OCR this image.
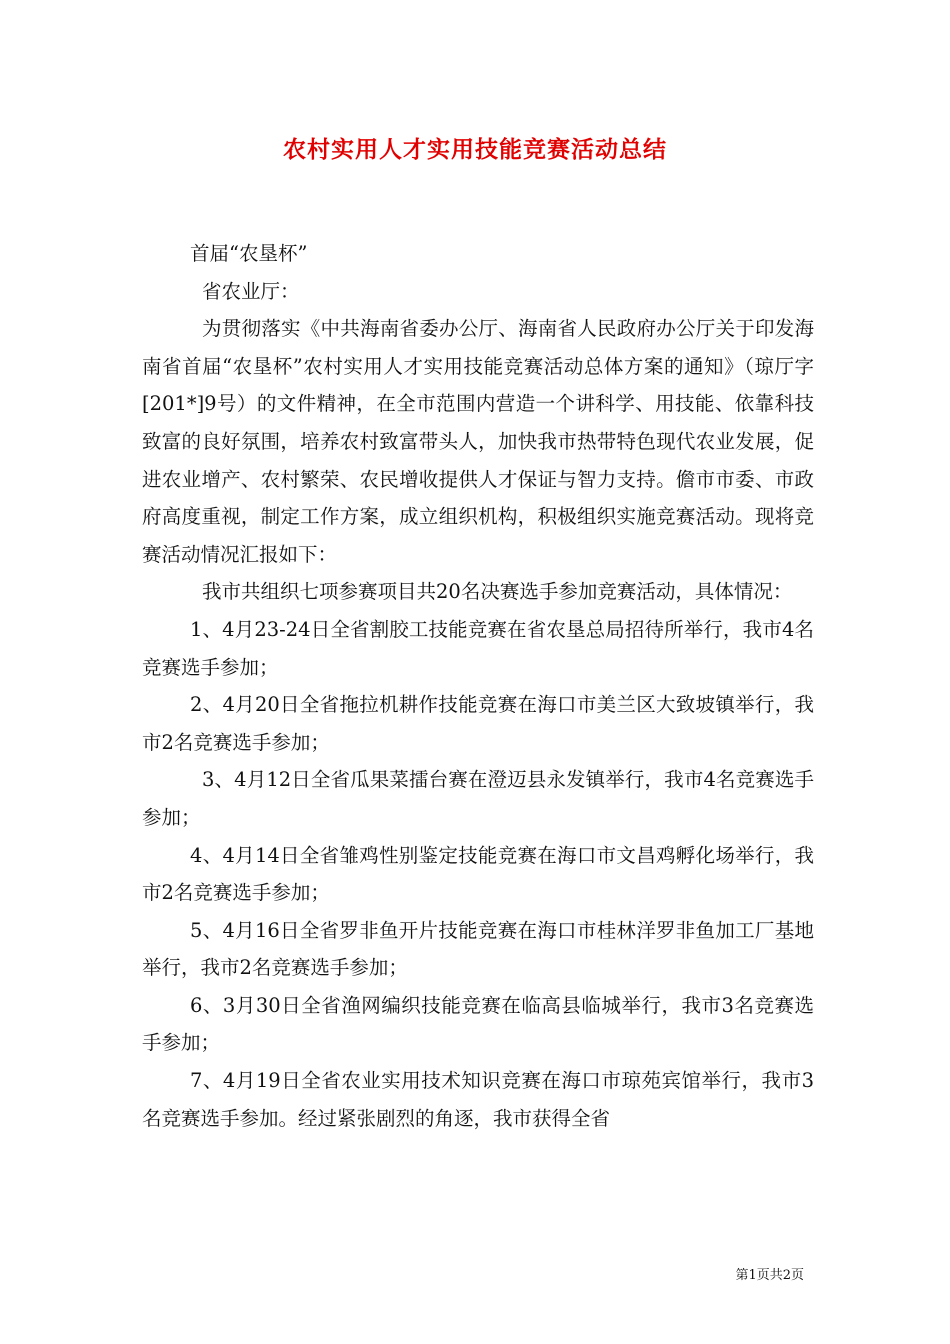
农村实用人才实用技能竞赛活动总结

首届“农垦杯”

省农业厅：

为贯彻落实《中共海南省委办公厅、海南省人民政府办公厅关于印发海南省首届“农垦杯”农村实用人才实用技能竞赛活动总体方案的通知》（琼厅字[201*]9号）的文件精神，在全市范围内营造一个讲科学、用技能、依靠科技致富的良好氛围，培养农村致富带头人，加快我市热带特色现代农业发展，促进农业增产、农村繁荣、农民增收提供人才保证与智力支持。儋市市委、市政府高度重视，制定工作方案，成立组织机构，积极组织实施竞赛活动。现将竞赛活动情况汇报如下：

我市共组织七项参赛项目共20名决赛选手参加竞赛活动，具体情况：

1、4月23-24日全省割胶工技能竞赛在省农垦总局招待所举行，我市4名竞赛选手参加；

2、4月20日全省拖拉机耕作技能竞赛在海口市美兰区大致坡镇举行，我市2名竞赛选手参加；

3、4月12日全省瓜果菜擂台赛在澄迈县永发镇举行，我市4名竞赛选手参加；

4、4月14日全省雏鸡性别鉴定技能竞赛在海口市文昌鸡孵化场举行，我市2名竞赛选手参加；

5、4月16日全省罗非鱼开片技能竞赛在海口市桂林洋罗非鱼加工厂基地举行，我市2名竞赛选手参加；

6、3月30日全省渔网编织技能竞赛在临高县临城举行，我市3名竞赛选手参加；

7、4月19日全省农业实用技术知识竞赛在海口市琼苑宾馆举行，我市3名竞赛选手参加。经过紧张剧烈的角逐，我市获得全省

第1页共2页
